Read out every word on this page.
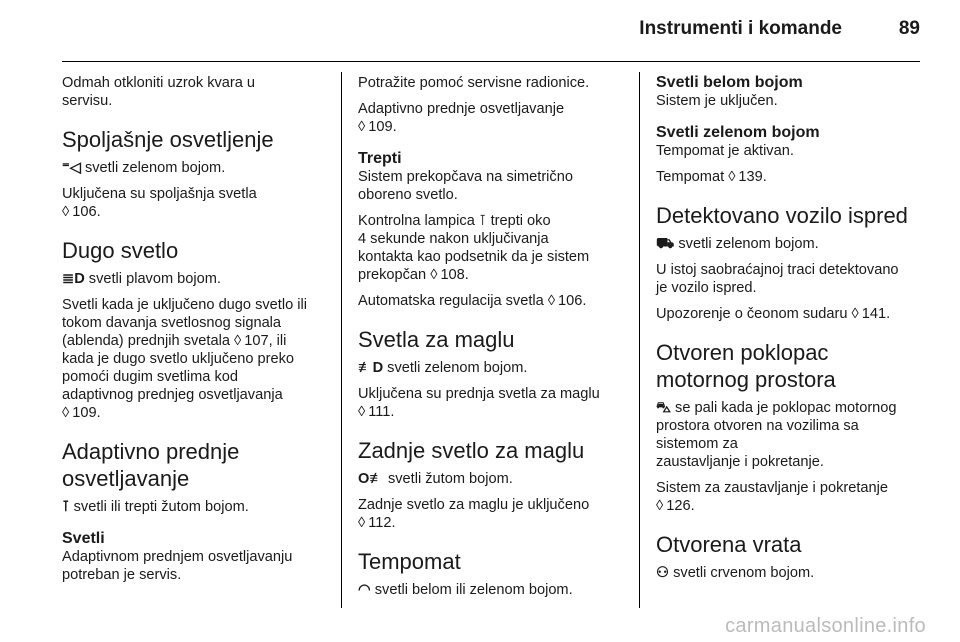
Instrumenti i komande	89

Odmah otkloniti uzrok kvara u
servisu.

Spoljašnje osvetljenje

⁼◁ svetli zelenom bojom.

Uključena su spoljašnja svetla
◊ 106.

Dugo svetlo

≣D svetli plavom bojom.

Svetli kada je uključeno dugo svetlo ili
tokom davanja svetlosnog signala
(ablenda) prednjih svetala ◊ 107, ili
kada je dugo svetlo uključeno preko
pomoći dugim svetlima kod
adaptivnog prednjeg osvetljavanja
◊ 109.

Adaptivno prednje
osvetljavanje

⊺ svetli ili trepti žutom bojom.

Svetli

Adaptivnom prednjem osvetljavanju
potreban je servis.

Potražite pomoć servisne radionice.

Adaptivno prednje osvetljavanje
◊ 109.

Trepti

Sistem prekopčava na simetrično
oboreno svetlo.

Kontrolna lampica ⊺ trepti oko
4 sekunde nakon uključivanja
kontakta kao podsetnik da je sistem
prekopčan ◊ 108.

Automatska regulacija svetla ◊ 106.

Svetla za maglu

≢D svetli zelenom bojom.

Uključena su prednja svetla za maglu
◊ 111.

Zadnje svetlo za maglu

O≢ svetli žutom bojom.

Zadnje svetlo za maglu je uključeno
◊ 112.

Tempomat

◠ svetli belom ili zelenom bojom.

Svetli belom bojom

Sistem je uključen.

Svetli zelenom bojom

Tempomat je aktivan.

Tempomat ◊ 139.

Detektovano vozilo ispred

⛟ svetli zelenom bojom.

U istoj saobraćajnoj traci detektovano
je vozilo ispred.

Upozorenje o čeonom sudaru ◊ 141.

Otvoren poklopac
motornog prostora

⛍ se pali kada je poklopac motornog
prostora otvoren na vozilima sa
sistemom za
zaustavljanje i pokretanje.

Sistem za zaustavljanje i pokretanje
◊ 126.

Otvorena vrata

⚇ svetli crvenom bojom.

carmanualsonline.info
